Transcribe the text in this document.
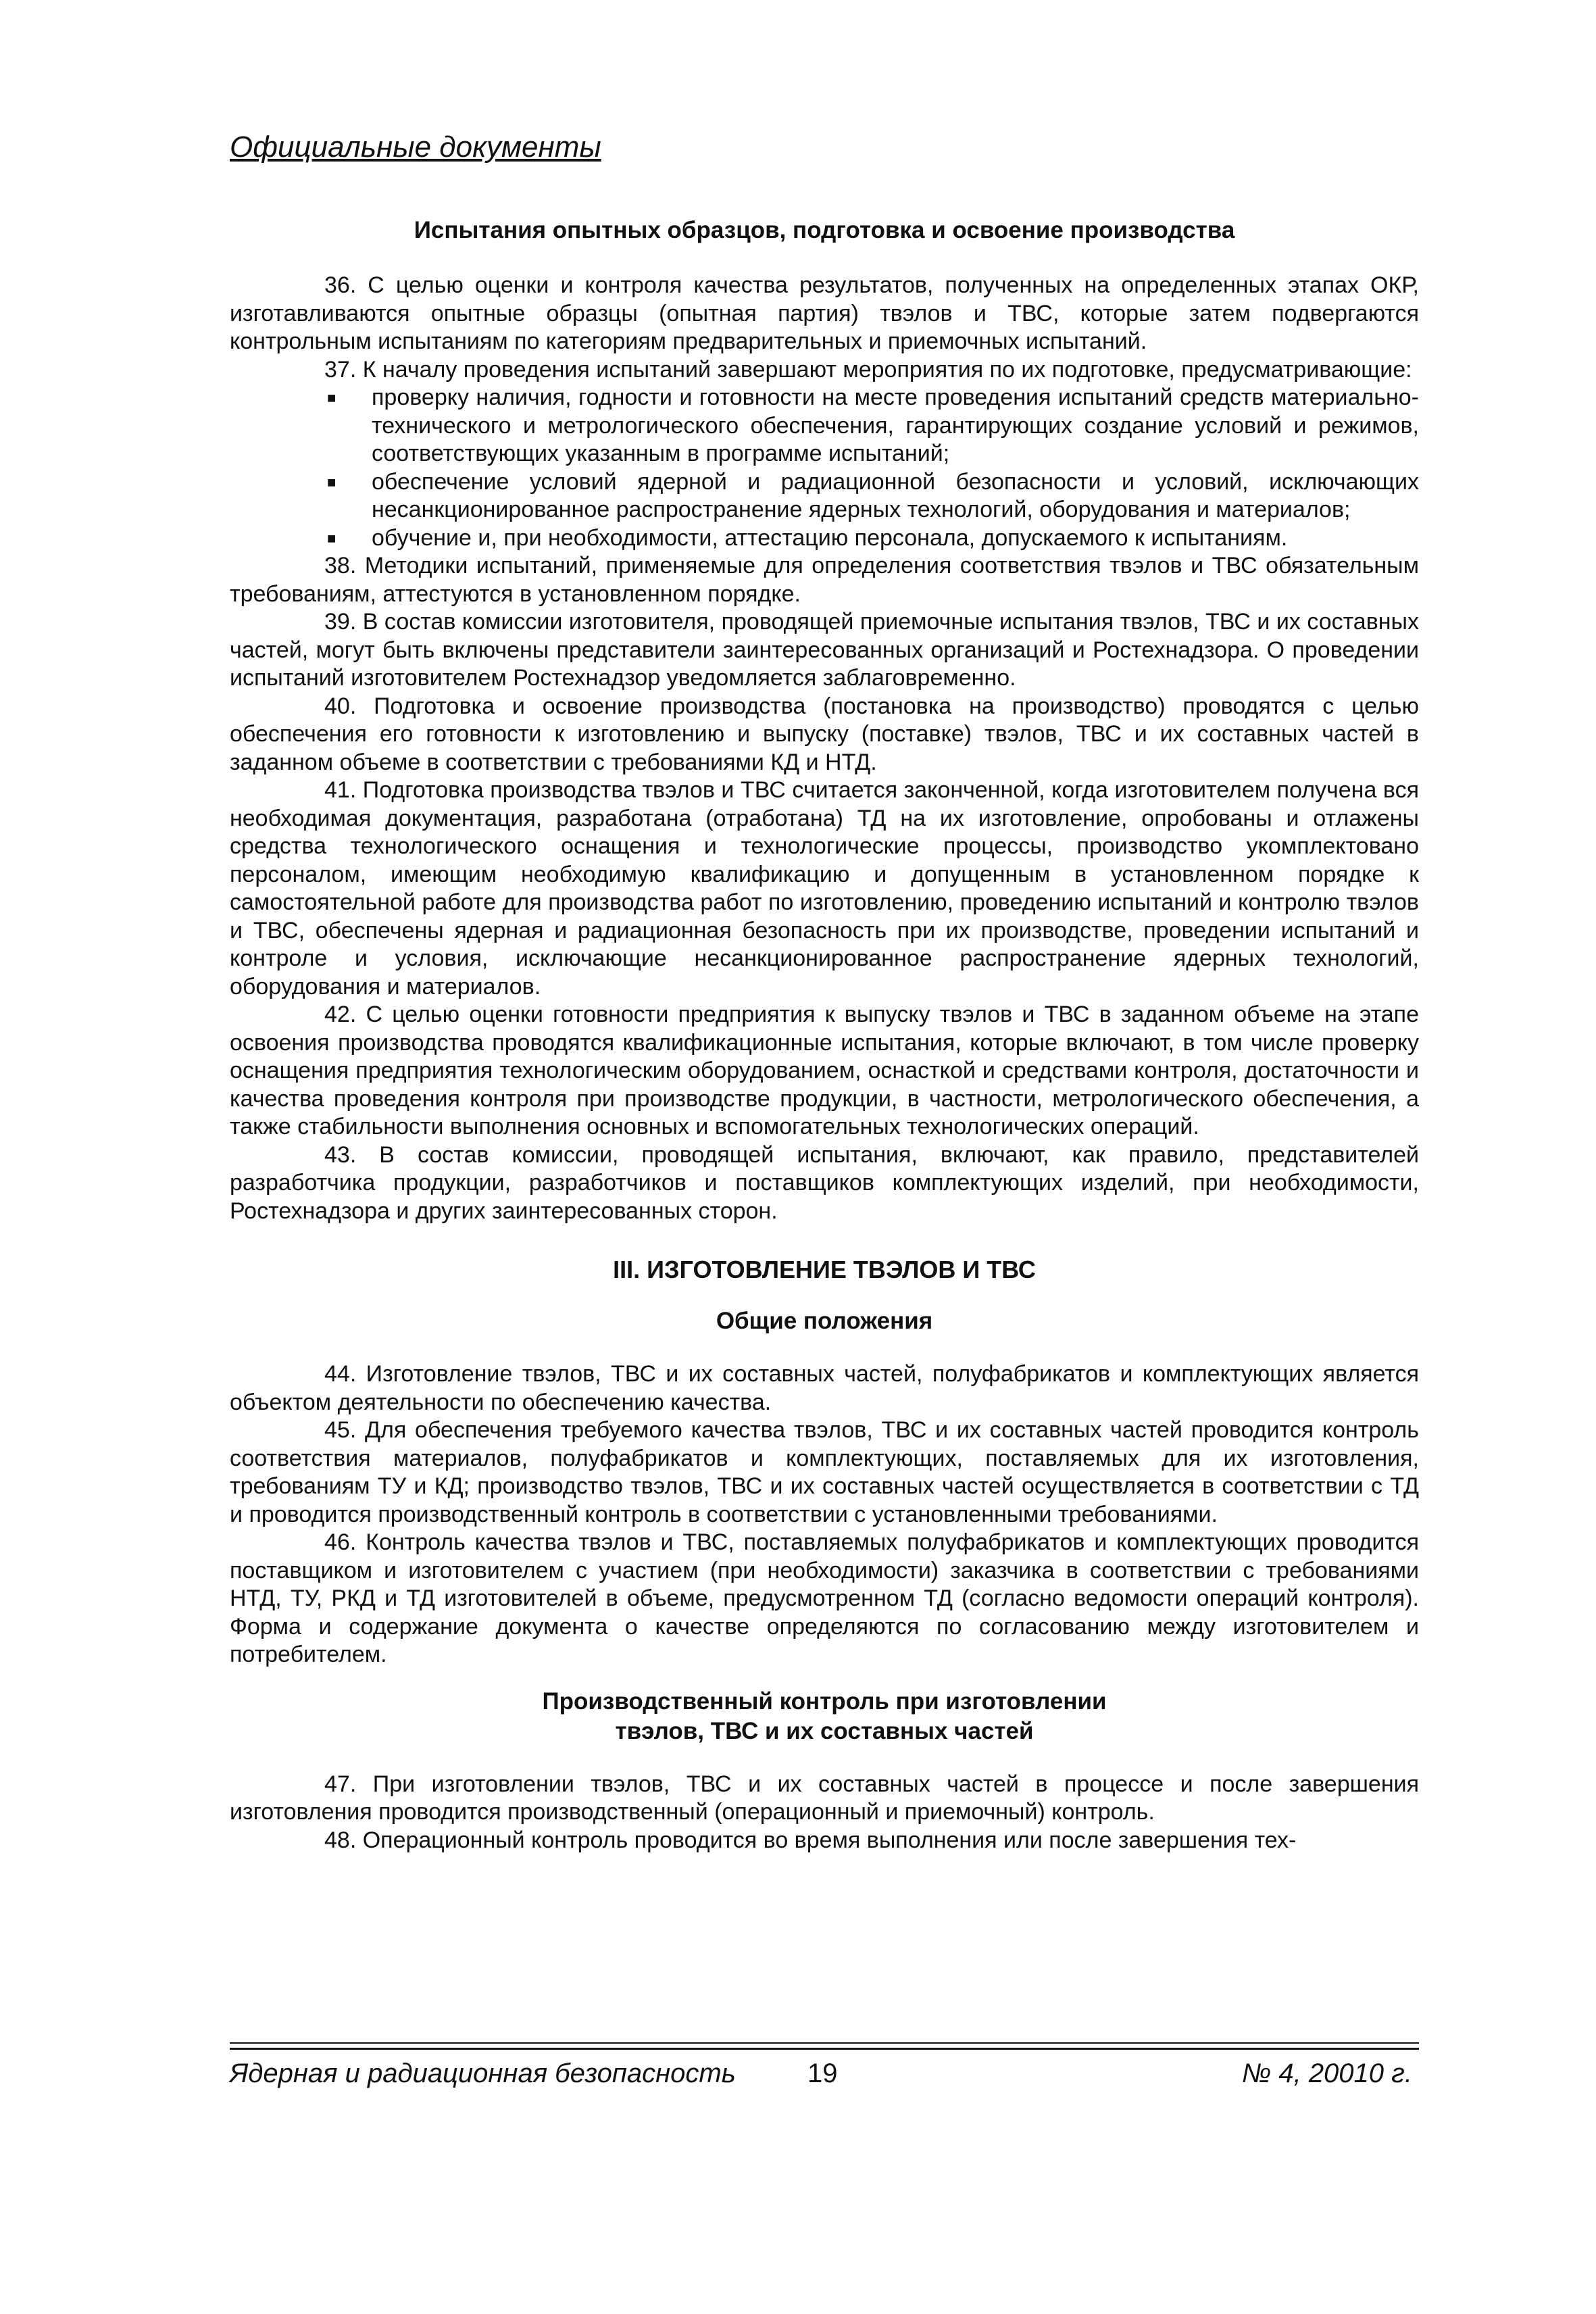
Официальные документы
Испытания опытных образцов, подготовка и освоение производства

36. С целью оценки и контроля качества результатов, полученных на определенных этапах ОКР, изготавливаются опытные образцы (опытная партия) твэлов и ТВС, которые затем подвергаются контрольным испытаниям по категориям предварительных и приемочных испытаний.

37. К началу проведения испытаний завершают мероприятия по их подготовке, предусматривающие:

■ проверку наличия, годности и готовности на месте проведения испытаний средств материально-технического и метрологического обеспечения, гарантирующих создание условий и режимов, соответствующих указанным в программе испытаний;
■ обеспечение условий ядерной и радиационной безопасности и условий, исключающих несанкционированное распространение ядерных технологий, оборудования и материалов;
■ обучение и, при необходимости, аттестацию персонала, допускаемого к испытаниям.

38. Методики испытаний, применяемые для определения соответствия твэлов и ТВС обязательным требованиям, аттестуются в установленном порядке.

39. В состав комиссии изготовителя, проводящей приемочные испытания твэлов, ТВС и их составных частей, могут быть включены представители заинтересованных организаций и Ростехнадзора. О проведении испытаний изготовителем Ростехнадзор уведомляется заблаговременно.

40. Подготовка и освоение производства (постановка на производство) проводятся с целью обеспечения его готовности к изготовлению и выпуску (поставке) твэлов, ТВС и их составных частей в заданном объеме в соответствии с требованиями КД и НТД.

41. Подготовка производства твэлов и ТВС считается законченной, когда изготовителем получена вся необходимая документация, разработана (отработана) ТД на их изготовление, опробованы и отлажены средства технологического оснащения и технологические процессы, производство укомплектовано персоналом, имеющим необходимую квалификацию и допущенным в установленном порядке к самостоятельной работе для производства работ по изготовлению, проведению испытаний и контролю твэлов и ТВС, обеспечены ядерная и радиационная безопасность при их производстве, проведении испытаний и контроле и условия, исключающие несанкционированное распространение ядерных технологий, оборудования и материалов.

42. С целью оценки готовности предприятия к выпуску твэлов и ТВС в заданном объеме на этапе освоения производства проводятся квалификационные испытания, которые включают, в том числе проверку оснащения предприятия технологическим оборудованием, оснасткой и средствами контроля, достаточности и качества проведения контроля при производстве продукции, в частности, метрологического обеспечения, а также стабильности выполнения основных и вспомогательных технологических операций.

43. В состав комиссии, проводящей испытания, включают, как правило, представителей разработчика продукции, разработчиков и поставщиков комплектующих изделий, при необходимости, Ростехнадзора и других заинтересованных сторон.

III. ИЗГОТОВЛЕНИЕ ТВЭЛОВ И ТВС
Общие положения

44. Изготовление твэлов, ТВС и их составных частей, полуфабрикатов и комплектующих является объектом деятельности по обеспечению качества.

45. Для обеспечения требуемого качества твэлов, ТВС и их составных частей проводится контроль соответствия материалов, полуфабрикатов и комплектующих, поставляемых для их изготовления, требованиям ТУ и КД; производство твэлов, ТВС и их составных частей осуществляется в соответствии с ТД и проводится производственный контроль в соответствии с установленными требованиями.

46. Контроль качества твэлов и ТВС, поставляемых полуфабрикатов и комплектующих проводится поставщиком и изготовителем с участием (при необходимости) заказчика в соответствии с требованиями НТД, ТУ, РКД и ТД изготовителей в объеме, предусмотренном ТД (согласно ведомости операций контроля). Форма и содержание документа о качестве определяются по согласованию между изготовителем и потребителем.

Производственный контроль при изготовлении
твэлов, ТВС и их составных частей

47. При изготовлении твэлов, ТВС и их составных частей в процессе и после завершения изготовления проводится производственный (операционный и приемочный) контроль.

48. Операционный контроль проводится во время выполнения или после завершения тех-

Ядерная и радиационная безопасность	19	№ 4, 20010 г.
